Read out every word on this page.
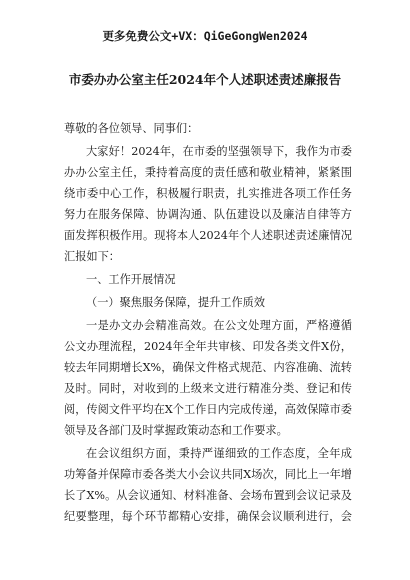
更多免费公文+VX：QiGeGongWen2024
市委办办公室主任2024年个人述职述责述廉报告
尊敬的各位领导、同事们：
大家好！2024年，在市委的坚强领导下，我作为市委
办办公室主任，秉持着高度的责任感和敬业精神，紧紧围
绕市委中心工作，积极履行职责，扎实推进各项工作任务
努力在服务保障、协调沟通、队伍建设以及廉洁自律等方
面发挥积极作用。现将本人2024年个人述职述责述廉情况
汇报如下：
一、工作开展情况
（一）聚焦服务保障，提升工作质效
一是办文办会精准高效。在公文处理方面，严格遵循
公文办理流程，2024年全年共审核、印发各类文件X份，
较去年同期增长X%，确保文件格式规范、内容准确、流转
及时。同时，对收到的上级来文进行精准分类、登记和传
阅，传阅文件平均在X个工作日内完成传递，高效保障市委
领导及各部门及时掌握政策动态和工作要求。
在会议组织方面，秉持严谨细致的工作态度，全年成
功筹备并保障市委各类大小会议共同X场次，同比上一年增
长了X%。从会议通知、材料准备、会场布置到会议记录及
纪要整理，每个环节都精心安排，确保会议顺利进行，会
